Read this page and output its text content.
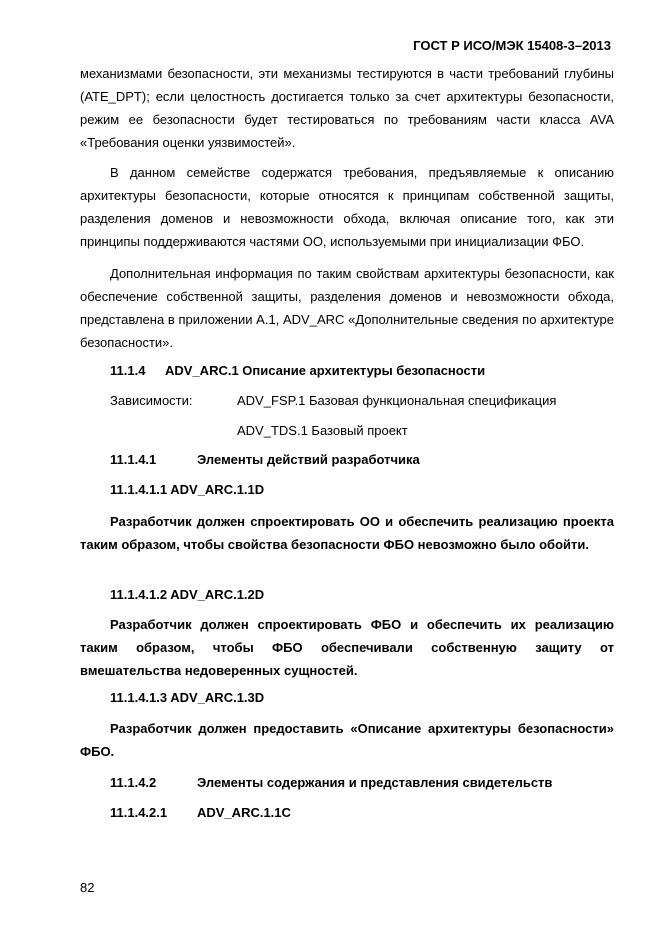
ГОСТ Р ИСО/МЭК 15408-3–2013
механизмами безопасности, эти механизмы тестируются в части требований глубины (ATE_DPT); если целостность достигается только за счет архитектуры безопасности, режим ее безопасности будет тестироваться по требованиям части класса AVA «Требования оценки уязвимостей».
В данном семействе содержатся требования, предъявляемые к описанию архитектуры безопасности, которые относятся к принципам собственной защиты, разделения доменов и невозможности обхода, включая описание того, как эти принципы поддерживаются частями ОО, используемыми при инициализации ФБО.
Дополнительная информация по таким свойствам архитектуры безопасности, как обеспечение собственной защиты, разделения доменов и невозможности обхода, представлена в приложении А.1, ADV_ARC «Дополнительные сведения по архитектуре безопасности».
11.1.4 ADV_ARC.1 Описание архитектуры безопасности
Зависимости:	ADV_FSP.1 Базовая функциональная спецификация
ADV_TDS.1 Базовый проект
11.1.4.1	Элементы действий разработчика
11.1.4.1.1 ADV_ARC.1.1D
Разработчик должен спроектировать ОО и обеспечить реализацию проекта таким образом, чтобы свойства безопасности ФБО невозможно было обойти.
11.1.4.1.2 ADV_ARC.1.2D
Разработчик должен спроектировать ФБО и обеспечить их реализацию таким образом, чтобы ФБО обеспечивали собственную защиту от вмешательства недоверенных сущностей.
11.1.4.1.3 ADV_ARC.1.3D
Разработчик должен предоставить «Описание архитектуры безопасности» ФБО.
11.1.4.2	Элементы содержания и представления свидетельств
11.1.4.2.1 ADV_ARC.1.1C
82
